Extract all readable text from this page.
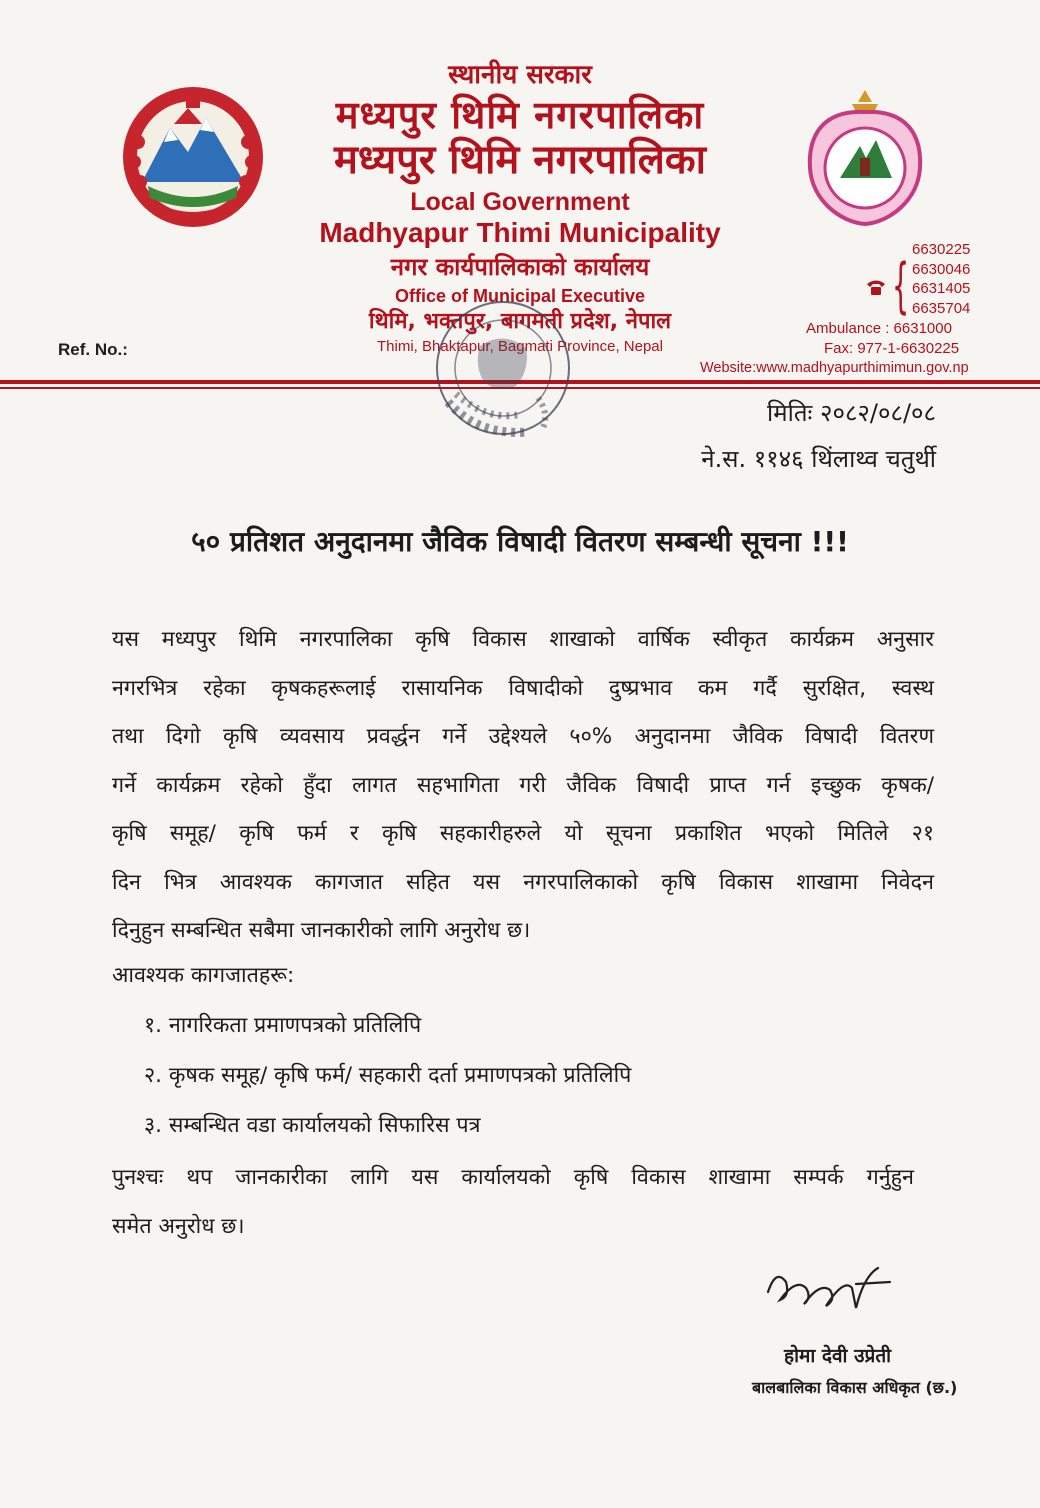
स्थानीय सरकार
मध्यपुर थिमि नगरपालिका
मध्यपुर थिमि नगरपालिका
Local Government
Madhyapur Thimi Municipality
नगर कार्यपालिकाको कार्यालय
Office of Municipal Executive
थिमि, भक्तपुर, बागमती प्रदेश, नेपाल
Thimi, Bhaktapur, Bagmati Province, Nepal
Ref. No.:
{
6630225
6630046
6631405
6635704
Ambulance : 6631000
Fax: 977-1-6630225
Website:www.madhyapurthimimun.gov.np
मितिः २०८२/०८/०८
ने.स. ११४६ थिंलाथ्व चतुर्थी
५० प्रतिशत अनुदानमा जैविक विषादी वितरण सम्बन्धी सूचना !!!
यस मध्यपुर थिमि नगरपालिका कृषि विकास शाखाको वार्षिक स्वीकृत कार्यक्रम अनुसार
नगरभित्र रहेका कृषकहरूलाई रासायनिक विषादीको दुष्प्रभाव कम गर्दै सुरक्षित, स्वस्थ
तथा दिगो कृषि व्यवसाय प्रवर्द्धन गर्ने उद्देश्यले ५०% अनुदानमा जैविक विषादी वितरण
गर्ने कार्यक्रम रहेको हुँदा लागत सहभागिता गरी जैविक विषादी प्राप्त गर्न इच्छुक कृषक/
कृषि समूह/ कृषि फर्म र कृषि सहकारीहरुले यो सूचना प्रकाशित भएको मितिले २१
दिन भित्र आवश्यक कागजात सहित यस नगरपालिकाको कृषि विकास शाखामा निवेदन
दिनुहुन सम्बन्धित सबैमा जानकारीको लागि अनुरोध छ।
आवश्यक कागजातहरू:
१. नागरिकता प्रमाणपत्रको प्रतिलिपि
२. कृषक समूह/ कृषि फर्म/ सहकारी दर्ता प्रमाणपत्रको प्रतिलिपि
३. सम्बन्धित वडा कार्यालयको सिफारिस पत्र
पुनश्चः थप जानकारीका लागि यस कार्यालयको कृषि विकास शाखामा सम्पर्क गर्नुहुन
समेत अनुरोध छ।
होमा देवी उप्रेती
बालबालिका विकास अधिकृत (छ.)
